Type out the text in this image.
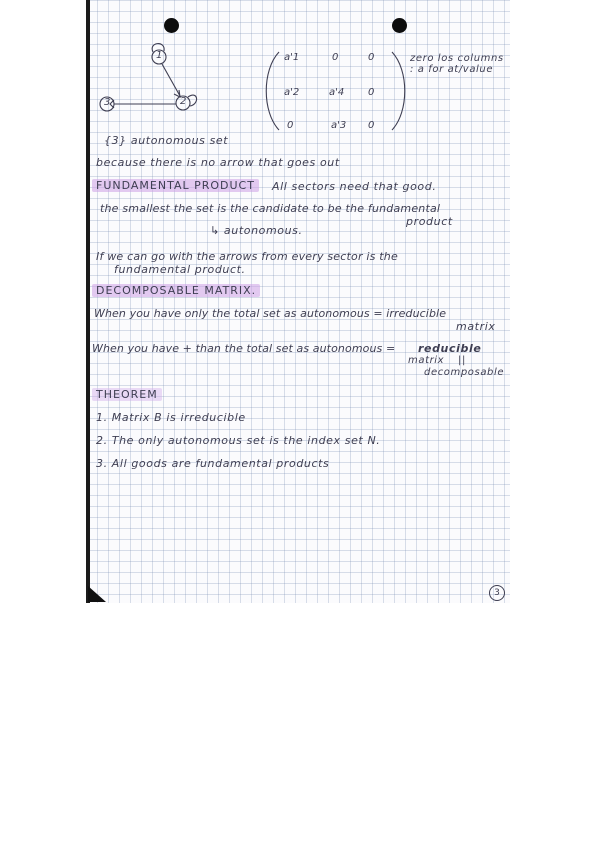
1
2
3
a'1	0	0
a'2	a'4 0
0	a'3 0
zero los columns
: a for at/value
{3} autonomous set
because there is no arrow that goes out
FUNDAMENTAL PRODUCT	All sectors need that good.
the smallest the set is the candidate to be the fundamental
product
↳ autonomous.
If we can go with the arrows from every sector is the
fundamental product.
DECOMPOSABLE MATRIX.
When you have only the total set as autonomous = irreducible
matrix
When you have + than the total set as autonomous = reducible
matrix ||
decomposable
THEOREM
1. Matrix B is irreducible
2. The only autonomous set is the index set N.
3. All goods are fundamental products
3
